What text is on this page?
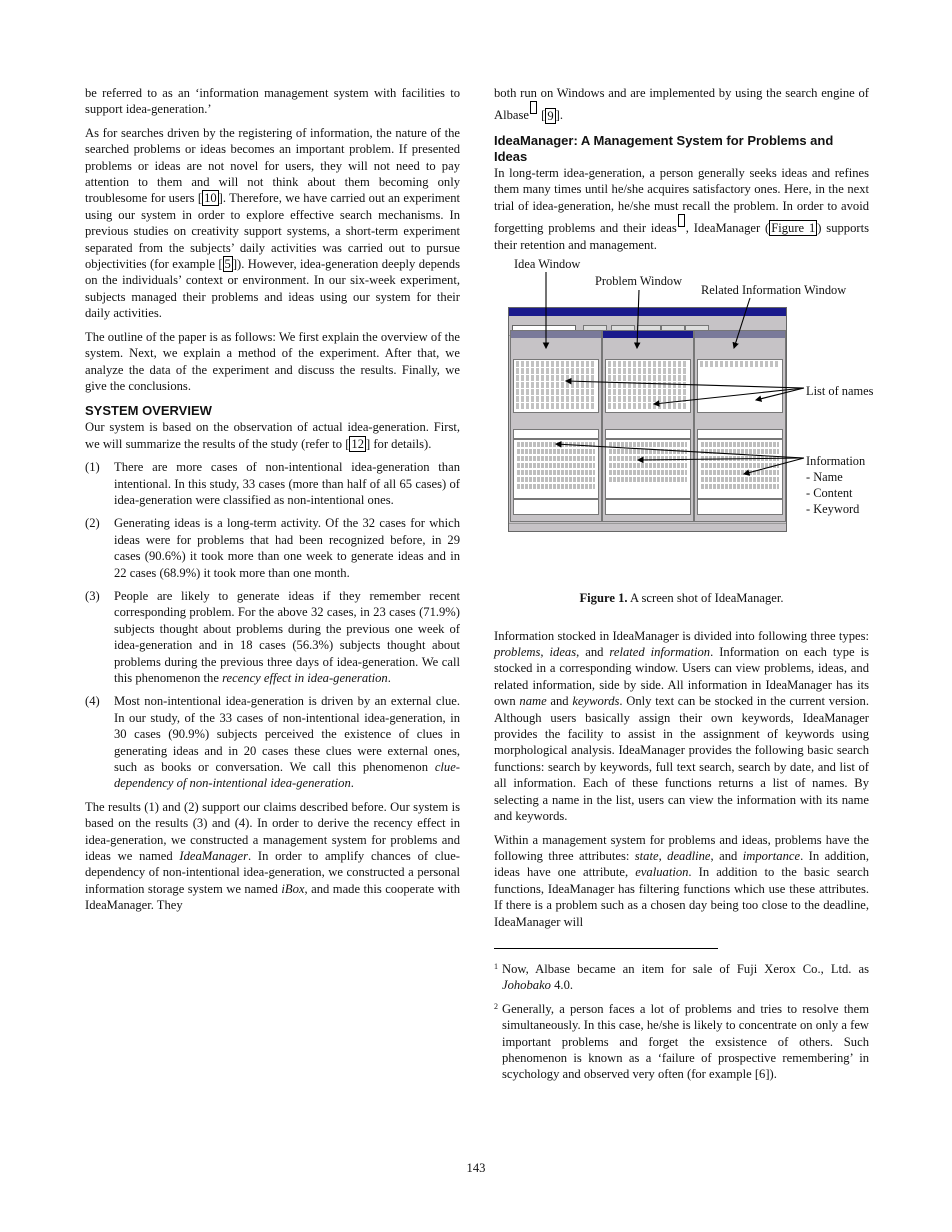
be referred to as an ‘information management system with facilities to support idea-generation.’

As for searches driven by the registering of information, the nature of the searched problems or ideas becomes an important problem. If presented problems or ideas are not novel for users, they will not need to pay attention to them and will not think about them becoming only troublesome for users [ 10 ]. Therefore, we have carried out an experiment using our system in order to explore effective search mechanisms. In previous studies on creativity support systems, a short-term experiment separated from the subjects’ daily activities was carried out to pursue objectivities (for example [ 5 ]). However, idea-generation deeply depends on the individuals’ context or environment. In our six-week experiment, subjects managed their problems and ideas using our system for their daily activities.

The outline of the paper is as follows: We first explain the overview of the system. Next, we explain a method of the experiment. After that, we analyze the data of the experiment and discuss the results. Finally, we give the conclusions.

SYSTEM OVERVIEW

Our system is based on the observation of actual idea-generation. First, we will summarize the results of the study (refer to [ 12 ] for details).

(1)	There are more cases of non-intentional idea-generation than intentional. In this study, 33 cases (more than half of all 65 cases) of idea-generation were classified as non-intentional ones.
(2)	Generating ideas is a long-term activity. Of the 32 cases for which ideas were for problems that had been recognized before, in 29 cases (90.6%) it took more than one week to generate ideas and in 22 cases (68.9%) it took more than one month.
(3)	People are likely to generate ideas if they remember recent corresponding problem. For the above 32 cases, in 23 cases (71.9%) subjects thought about problems during the previous one week of idea-generation and in 18 cases (56.3%) subjects thought about problems during the previous three days of idea-generation. We call this phenomenon the recency effect in idea-generation.
(4)	Most non-intentional idea-generation is driven by an external clue. In our study, of the 33 cases of non-intentional idea-generation, in 30 cases (90.9%) subjects perceived the existence of clues in generating ideas and in 20 cases these clues were external ones, such as books or conversation. We call this phenomenon clue-dependency of non-intentional idea-generation.

The results (1) and (2) support our claims described before. Our system is based on the results (3) and (4). In order to derive the recency effect in idea-generation, we constructed a management system for problems and ideas we named IdeaManager. In order to amplify chances of clue-dependency of non-intentional idea-generation, we constructed a personal information storage system we named iBox, and made this cooperate with IdeaManager. They

both run on Windows and are implemented by using the search engine of Albase [ 9 ].

IdeaManager: A Management System for Problems and Ideas

In long-term idea-generation, a person generally seeks ideas and refines them many times until he/she acquires satisfactory ones. Here, in the next trial of idea-generation, he/she must recall the problem. In order to avoid forgetting problems and their ideas , IdeaManager ( Figure 1 ) supports their retention and management.

Idea Window
Problem Window
Related Information Window
List of names
Information
- Name
- Content
- Keyword

Figure 1. A screen shot of IdeaManager.

Information stocked in IdeaManager is divided into following three types: problems, ideas, and related information. Information on each type is stocked in a corresponding window. Users can view problems, ideas, and related information, side by side. All information in IdeaManager has its own name and keywords. Only text can be stocked in the current version. Although users basically assign their own keywords, IdeaManager provides the facility to assist in the assignment of keywords using morphological analysis. IdeaManager provides the following basic search functions: search by keywords, full text search, search by date, and list of all information. Each of these functions returns a list of names. By selecting a name in the list, users can view the information with its name and keywords.

Within a management system for problems and ideas, problems have the following three attributes: state, deadline, and importance. In addition, ideas have one attribute, evaluation. In addition to the basic search functions, IdeaManager has filtering functions which use these attributes. If there is a problem such as a chosen day being too close to the deadline, IdeaManager will

1 Now, Albase became an item for sale of Fuji Xerox Co., Ltd. as Johobako 4.0.
2 Generally, a person faces a lot of problems and tries to resolve them simultaneously. In this case, he/she is likely to concentrate on only a few important problems and forget the exsistence of others. Such phenomenon is known as a ‘failure of prospective remembering’ in scychology and observed very often (for example [6]).
143
